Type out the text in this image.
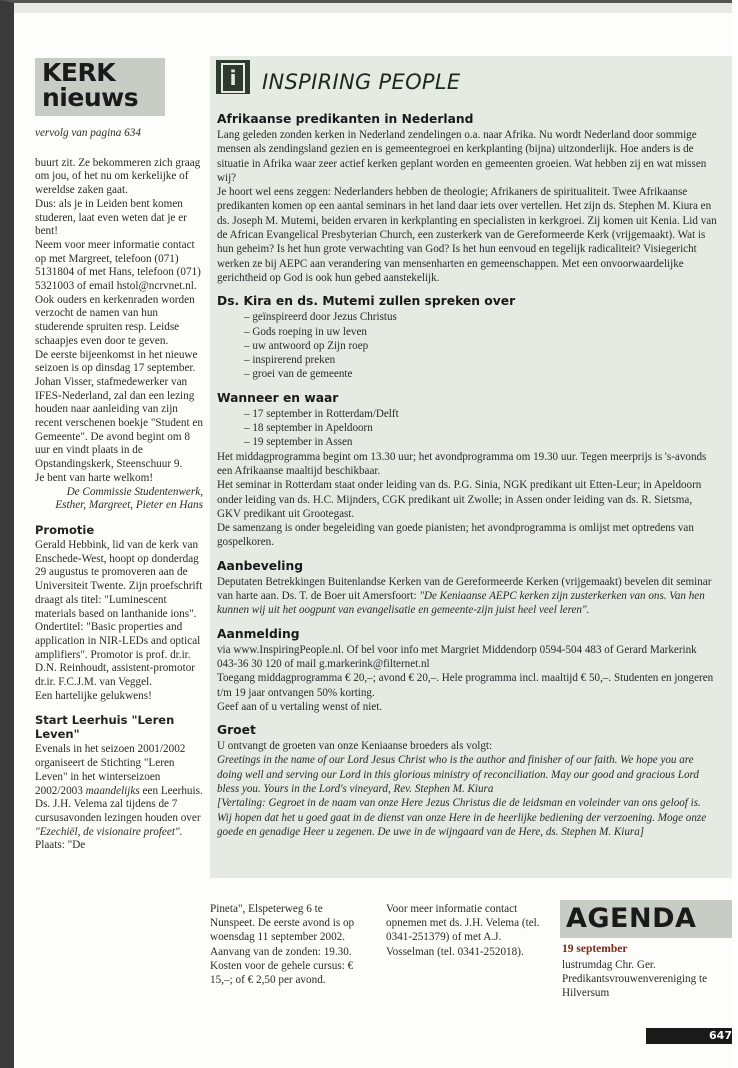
KERK
nieuws

vervolg van pagina 634

buurt zit. Ze bekommeren zich graag om jou, of het nu om kerkelijke of wereldse zaken gaat.

Dus: als je in Leiden bent komen studeren, laat even weten dat je er bent!

Neem voor meer informatie contact op met Margreet, telefoon (071) 5131804 of met Hans, telefoon (071) 5321003 of email hstol@ncrvnet.nl.

Ook ouders en kerkenraden worden verzocht de namen van hun studerende spruiten resp. Leidse schaapjes even door te geven.

De eerste bijeenkomst in het nieuwe seizoen is op dinsdag 17 september. Johan Visser, stafmedewerker van IFES-Nederland, zal dan een lezing houden naar aanleiding van zijn recent verschenen boekje "Student en Gemeente". De avond begint om 8 uur en vindt plaats in de Opstandingskerk, Steenschuur 9.

Je bent van harte welkom!

De Commissie Studentenwerk,

Esther, Margreet, Pieter en Hans

Promotie

Gerald Hebbink, lid van de kerk van Enschede-West, hoopt op donderdag 29 augustus te promoveren aan de Universiteit Twente. Zijn proefschrift draagt als titel: "Luminescent materials based on lanthanide ions". Ondertitel: "Basic properties and application in NIR-LEDs and optical amplifiers". Promotor is prof. dr.ir. D.N. Reinhoudt, assistent-promotor dr.ir. F.C.J.M. van Veggel.

Een hartelijke gelukwens!

Start Leerhuis "Leren Leven"

Evenals in het seizoen 2001/2002 organiseert de Stichting "Leren Leven" in het winterseizoen 2002/2003 maandelijks een Leerhuis. Ds. J.H. Velema zal tijdens de 7 cursusavonden lezingen houden over "Ezechiël, de visionaire profeet". Plaats: "De

i	INSPIRING PEOPLE

Afrikaanse predikanten in Nederland

Lang geleden zonden kerken in Nederland zendelingen o.a. naar Afrika. Nu wordt Nederland door sommige mensen als zendingsland gezien en is gemeentegroei en kerkplanting (bijna) uitzonderlijk. Hoe anders is de situatie in Afrika waar zeer actief kerken geplant worden en gemeenten groeien. Wat hebben zij en wat missen wij?

Je hoort wel eens zeggen: Nederlanders hebben de theologie; Afrikaners de spiritualiteit. Twee Afrikaanse predikanten komen op een aantal seminars in het land daar iets over vertellen. Het zijn ds. Stephen M. Kiura en ds. Joseph M. Mutemi, beiden ervaren in kerkplanting en specialisten in kerkgroei. Zij komen uit Kenia. Lid van de African Evangelical Presbyterian Church, een zusterkerk van de Gereformeerde Kerk (vrijgemaakt). Wat is hun geheim? Is het hun grote verwachting van God? Is het hun eenvoud en tegelijk radicaliteit? Visiegericht werken ze bij AEPC aan verandering van mensenharten en gemeenschappen. Met een onvoorwaardelijke gerichtheid op God is ook hun gebed aanstekelijk.

Ds. Kira en ds. Mutemi zullen spreken over

– geïnspireerd door Jezus Christus
– Gods roeping in uw leven
– uw antwoord op Zijn roep
– inspirerend preken
– groei van de gemeente

Wanneer en waar

– 17 september in Rotterdam/Delft
– 18 september in Apeldoorn
– 19 september in Assen

Het middagprogramma begint om 13.30 uur; het avondprogramma om 19.30 uur. Tegen meerprijs is 's-avonds een Afrikaanse maaltijd beschikbaar.

Het seminar in Rotterdam staat onder leiding van ds. P.G. Sinia, NGK predikant uit Etten-Leur; in Apeldoorn onder leiding van ds. H.C. Mijnders, CGK predikant uit Zwolle; in Assen onder leiding van ds. R. Sietsma, GKV predikant uit Grootegast.

De samenzang is onder begeleiding van goede pianisten; het avondprogramma is omlijst met optredens van gospelkoren.

Aanbeveling

Deputaten Betrekkingen Buitenlandse Kerken van de Gereformeerde Kerken (vrijgemaakt) bevelen dit seminar van harte aan. Ds. T. de Boer uit Amersfoort: "De Keniaanse AEPC kerken zijn zusterkerken van ons. Van hen kunnen wij uit het oogpunt van evangelisatie en gemeente-zijn juist heel veel leren".

Aanmelding

via www.InspiringPeople.nl. Of bel voor info met Margriet Middendorp 0594-504 483 of Gerard Markerink 043-36 30 120 of mail g.markerink@filternet.nl

Toegang middagprogramma € 20,–; avond € 20,–. Hele programma incl. maaltijd € 50,–. Studenten en jongeren t/m 19 jaar ontvangen 50% korting.

Geef aan of u vertaling wenst of niet.

Groet

U ontvangt de groeten van onze Keniaanse broeders als volgt:

Greetings in the name of our Lord Jesus Christ who is the author and finisher of our faith. We hope you are doing well and serving our Lord in this glorious ministry of reconciliation. May our good and gracious Lord bless you. Yours in the Lord's vineyard, Rev. Stephen M. Kiura

[Vertaling: Gegroet in de naam van onze Here Jezus Christus die de leidsman en voleinder van ons geloof is. Wij hopen dat het u goed gaat in de dienst van onze Here in de heerlijke bediening der verzoening. Moge onze goede en genadige Heer u zegenen. De uwe in de wijngaard van de Here, ds. Stephen M. Kiura]

Pineta", Elspeterweg 6 te Nunspeet. De eerste avond is op woensdag 11 september 2002. Aanvang van de zonden: 19.30. Kosten voor de gehele cursus: € 15,–; of € 2,50 per avond.
Voor meer informatie contact opnemen met ds. J.H. Velema (tel. 0341-251379) of met A.J. Vosselman (tel. 0341-252018).
AGENDA
19 september
lustrumdag Chr. Ger. Predikantsvrouwenvereniging te Hilversum
647
